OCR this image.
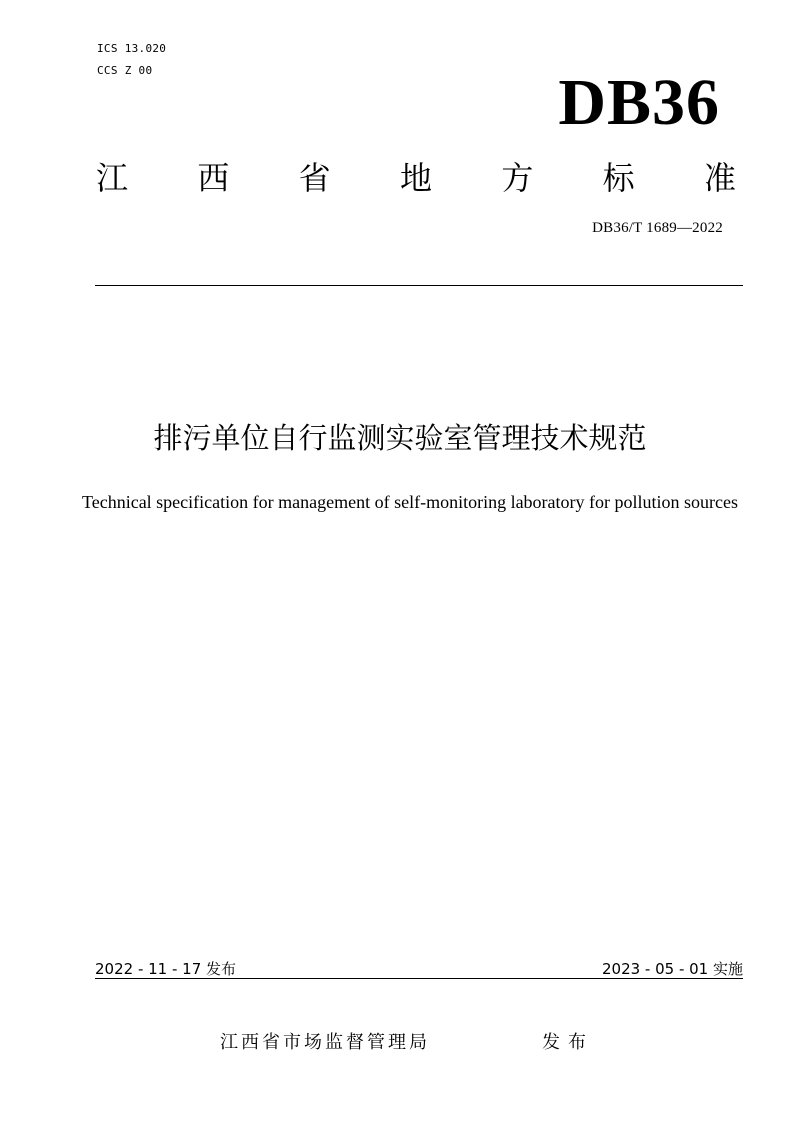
ICS 13.020
CCS Z 00	DB36
江 西 省 地 方 标 准
DB36/T 1689—2022
排污单位自行监测实验室管理技术规范
Technical specification for management of self-monitoring laboratory for pollution sources
2022 - 11 - 17 发布	2023 - 05 - 01 实施
江西省市场监督管理局	发布
